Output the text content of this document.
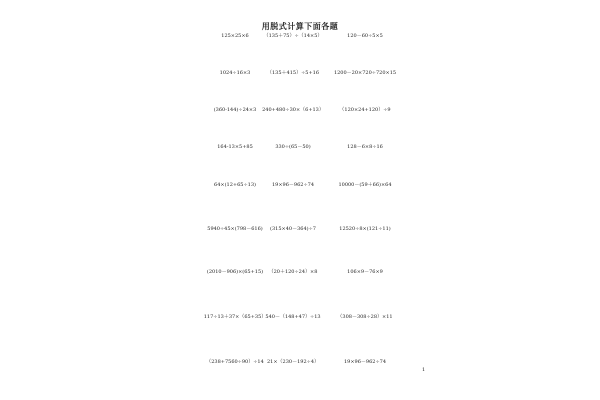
用脱式计算下面各题
125×25×6	（135＋75）÷（14×5）	120－60÷5×5
1024÷16×3	（135＋415）÷5+16	1200－20×720÷720×15
(360-144)÷24×3 240+480÷30×（6+13）	（120×24+120）÷9
164-13×5+85	330÷(65－50)	128－6×8÷16
64×(12+65÷13)	19×96－962÷74	10000－(59＋66)×64
5940÷45×(798－616) (315×40－364)÷7	12520÷8×(121÷11)
(2010－906)×(65+15) （20＋120÷24）×8	106×9－76×9
117÷13＋37×（65+35） 540－（148+47）÷13	（308－308÷28）×11
（238+7560÷90）÷14 21×（230－192÷4）	19×96－962÷74
1
